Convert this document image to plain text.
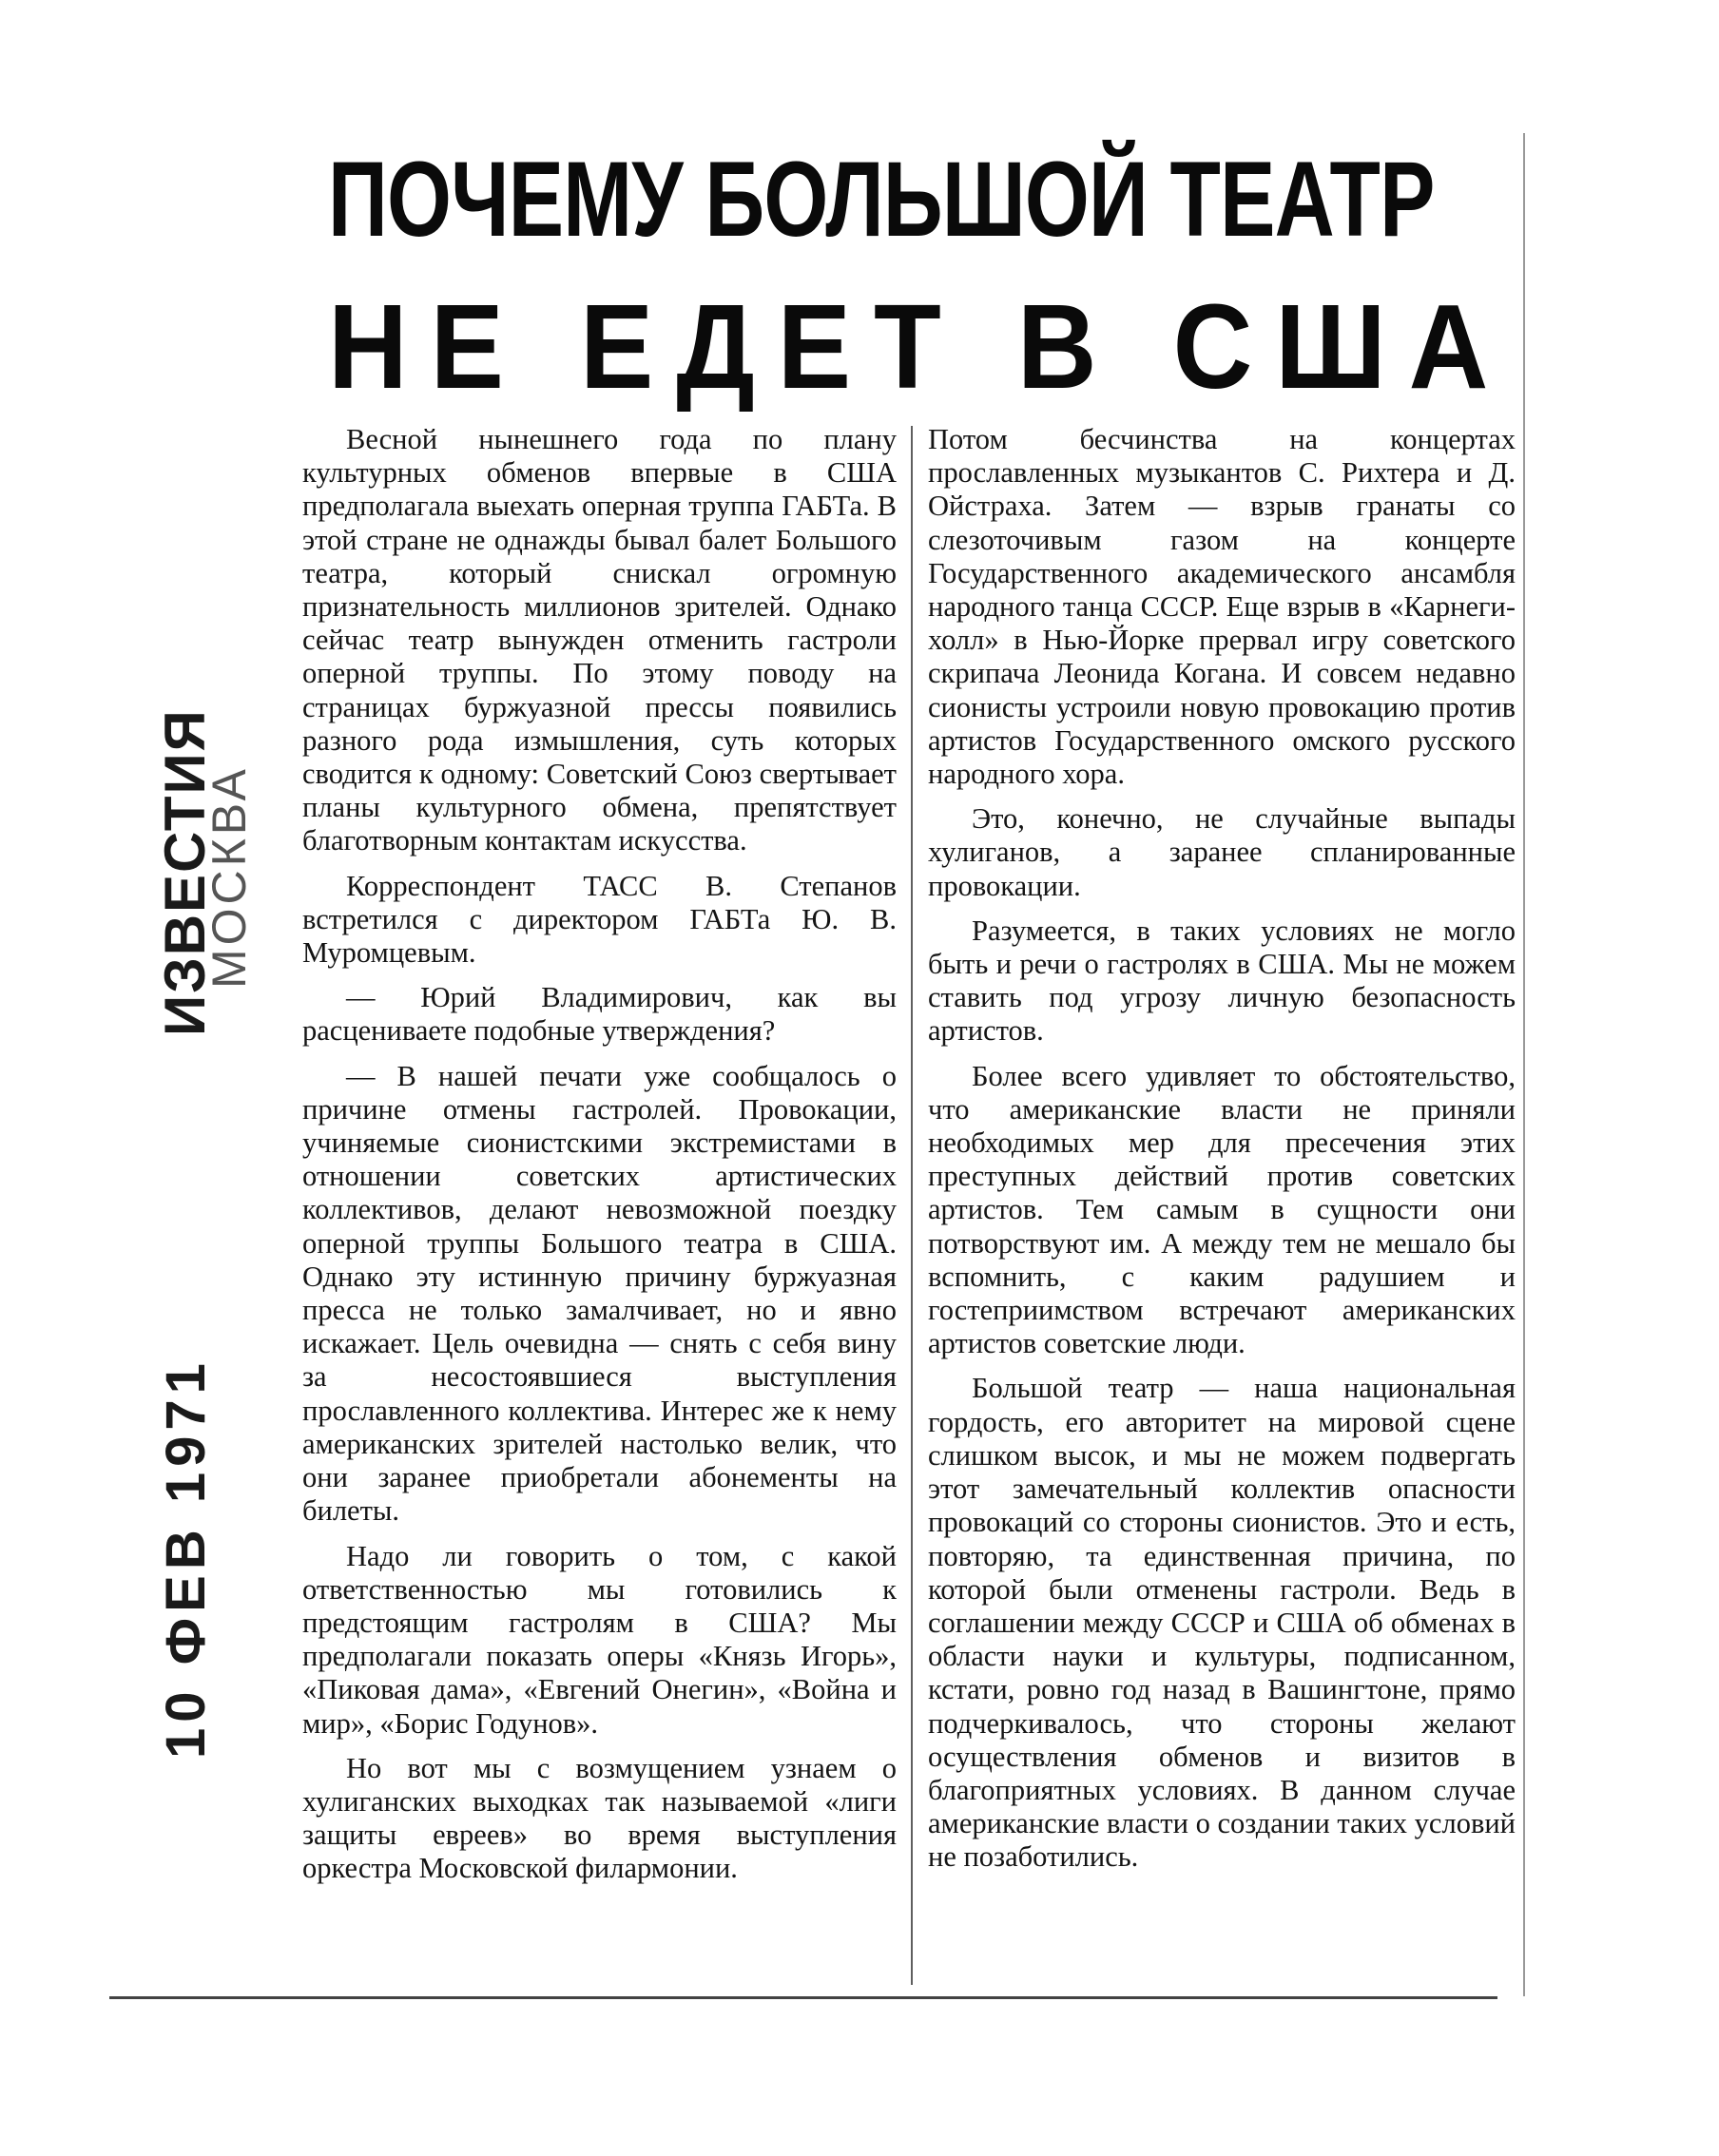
ИЗВЕСТИЯ
МОСКВА
10 ФЕВ 1971
ПОЧЕМУ БОЛЬШОЙ ТЕАТР
НЕ ЕДЕТ В США

Весной нынешнего года по плану культурных обменов впервые в США предполагала выехать оперная труппа ГАБТа. В этой стране не однажды бывал балет Большого театра, который снискал огромную признательность миллионов зрителей. Однако сейчас театр вынужден отменить гастроли оперной труппы. По этому поводу на страницах буржуазной прессы появились разного рода измышления, суть которых сводится к одному: Советский Союз свертывает планы культурного обмена, препятствует благотворным контактам искусства.

Корреспондент ТАСС В. Степанов встретился с директором ГАБТа Ю. В. Муромцевым.

— Юрий Владимирович, как вы расцениваете подобные утверждения?

— В нашей печати уже сообщалось о причине отмены гастролей. Провокации, учиняемые сионистскими экстремистами в отношении советских артистических коллективов, делают невозможной поездку оперной труппы Большого театра в США. Однако эту истинную причину буржуазная пресса не только замалчивает, но и явно искажает. Цель очевидна — снять с себя вину за несостоявшиеся выступления прославленного коллектива. Интерес же к нему американских зрителей настолько велик, что они заранее приобретали абонементы на билеты.

Надо ли говорить о том, с какой ответственностью мы готовились к предстоящим гастролям в США? Мы предполагали показать оперы «Князь Игорь», «Пиковая дама», «Евгений Онегин», «Война и мир», «Борис Годунов».

Но вот мы с возмущением узнаем о хулиганских выходках так называемой «лиги защиты евреев» во время выступления оркестра Московской филармонии.

Потом бесчинства на концертах прославленных музыкантов С. Рихтера и Д. Ойстраха. Затем — взрыв гранаты со слезоточивым газом на концерте Государственного академического ансамбля народного танца СССР. Еще взрыв в «Карнеги-холл» в Нью-Йорке прервал игру советского скрипача Леонида Когана. И совсем недавно сионисты устроили новую провокацию против артистов Государственного омского русского народного хора.

Это, конечно, не случайные выпады хулиганов, а заранее спланированные провокации.

Разумеется, в таких условиях не могло быть и речи о гастролях в США. Мы не можем ставить под угрозу личную безопасность артистов.

Более всего удивляет то обстоятельство, что американские власти не приняли необходимых мер для пресечения этих преступных действий против советских артистов. Тем самым в сущности они потворствуют им. А между тем не мешало бы вспомнить, с каким радушием и гостеприимством встречают американских артистов советские люди.

Большой театр — наша национальная гордость, его авторитет на мировой сцене слишком высок, и мы не можем подвергать этот замечательный коллектив опасности провокаций со стороны сионистов. Это и есть, повторяю, та единственная причина, по которой были отменены гастроли. Ведь в соглашении между СССР и США об обменах в области науки и культуры, подписанном, кстати, ровно год назад в Вашингтоне, прямо подчеркивалось, что стороны желают осуществления обменов и визитов в благоприятных условиях. В данном случае американские власти о создании таких условий не позаботились.
